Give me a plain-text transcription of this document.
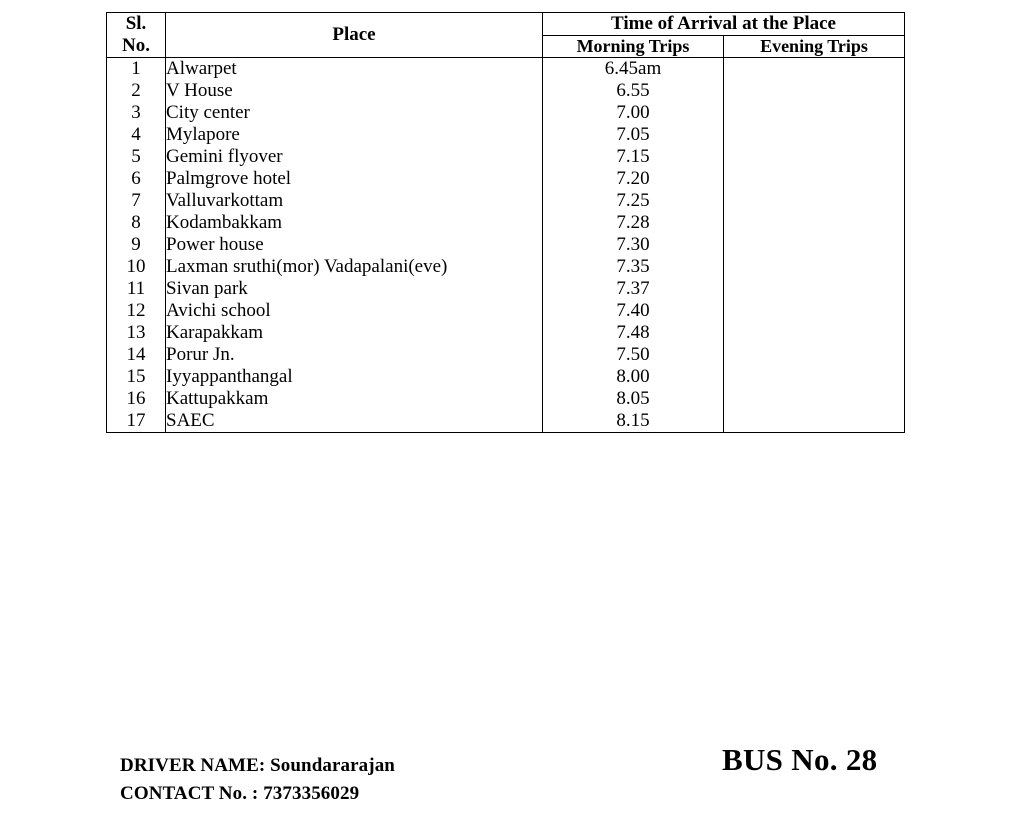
Sl.
No.	Place	Time of Arrival at the Place	
		Morning Trips	Evening Trips
1	Alwarpet	6.45am	
2	V House	6.55	
3	City center	7.00	
4	Mylapore	7.05	
5	Gemini flyover	7.15	
6	Palmgrove hotel	7.20	
7	Valluvarkottam	7.25	
8	Kodambakkam	7.28	
9	Power house	7.30	
10	Laxman sruthi(mor) Vadapalani(eve)	7.35	
11	Sivan park	7.37	
12	Avichi school	7.40	
13	Karapakkam	7.48	
14	Porur Jn.	7.50	
15	Iyyappanthangal	8.00	
16	Kattupakkam	8.05	
17	SAEC	8.15	
DRIVER NAME: Soundararajan
CONTACT No. : 7373356029
BUS No. 28
